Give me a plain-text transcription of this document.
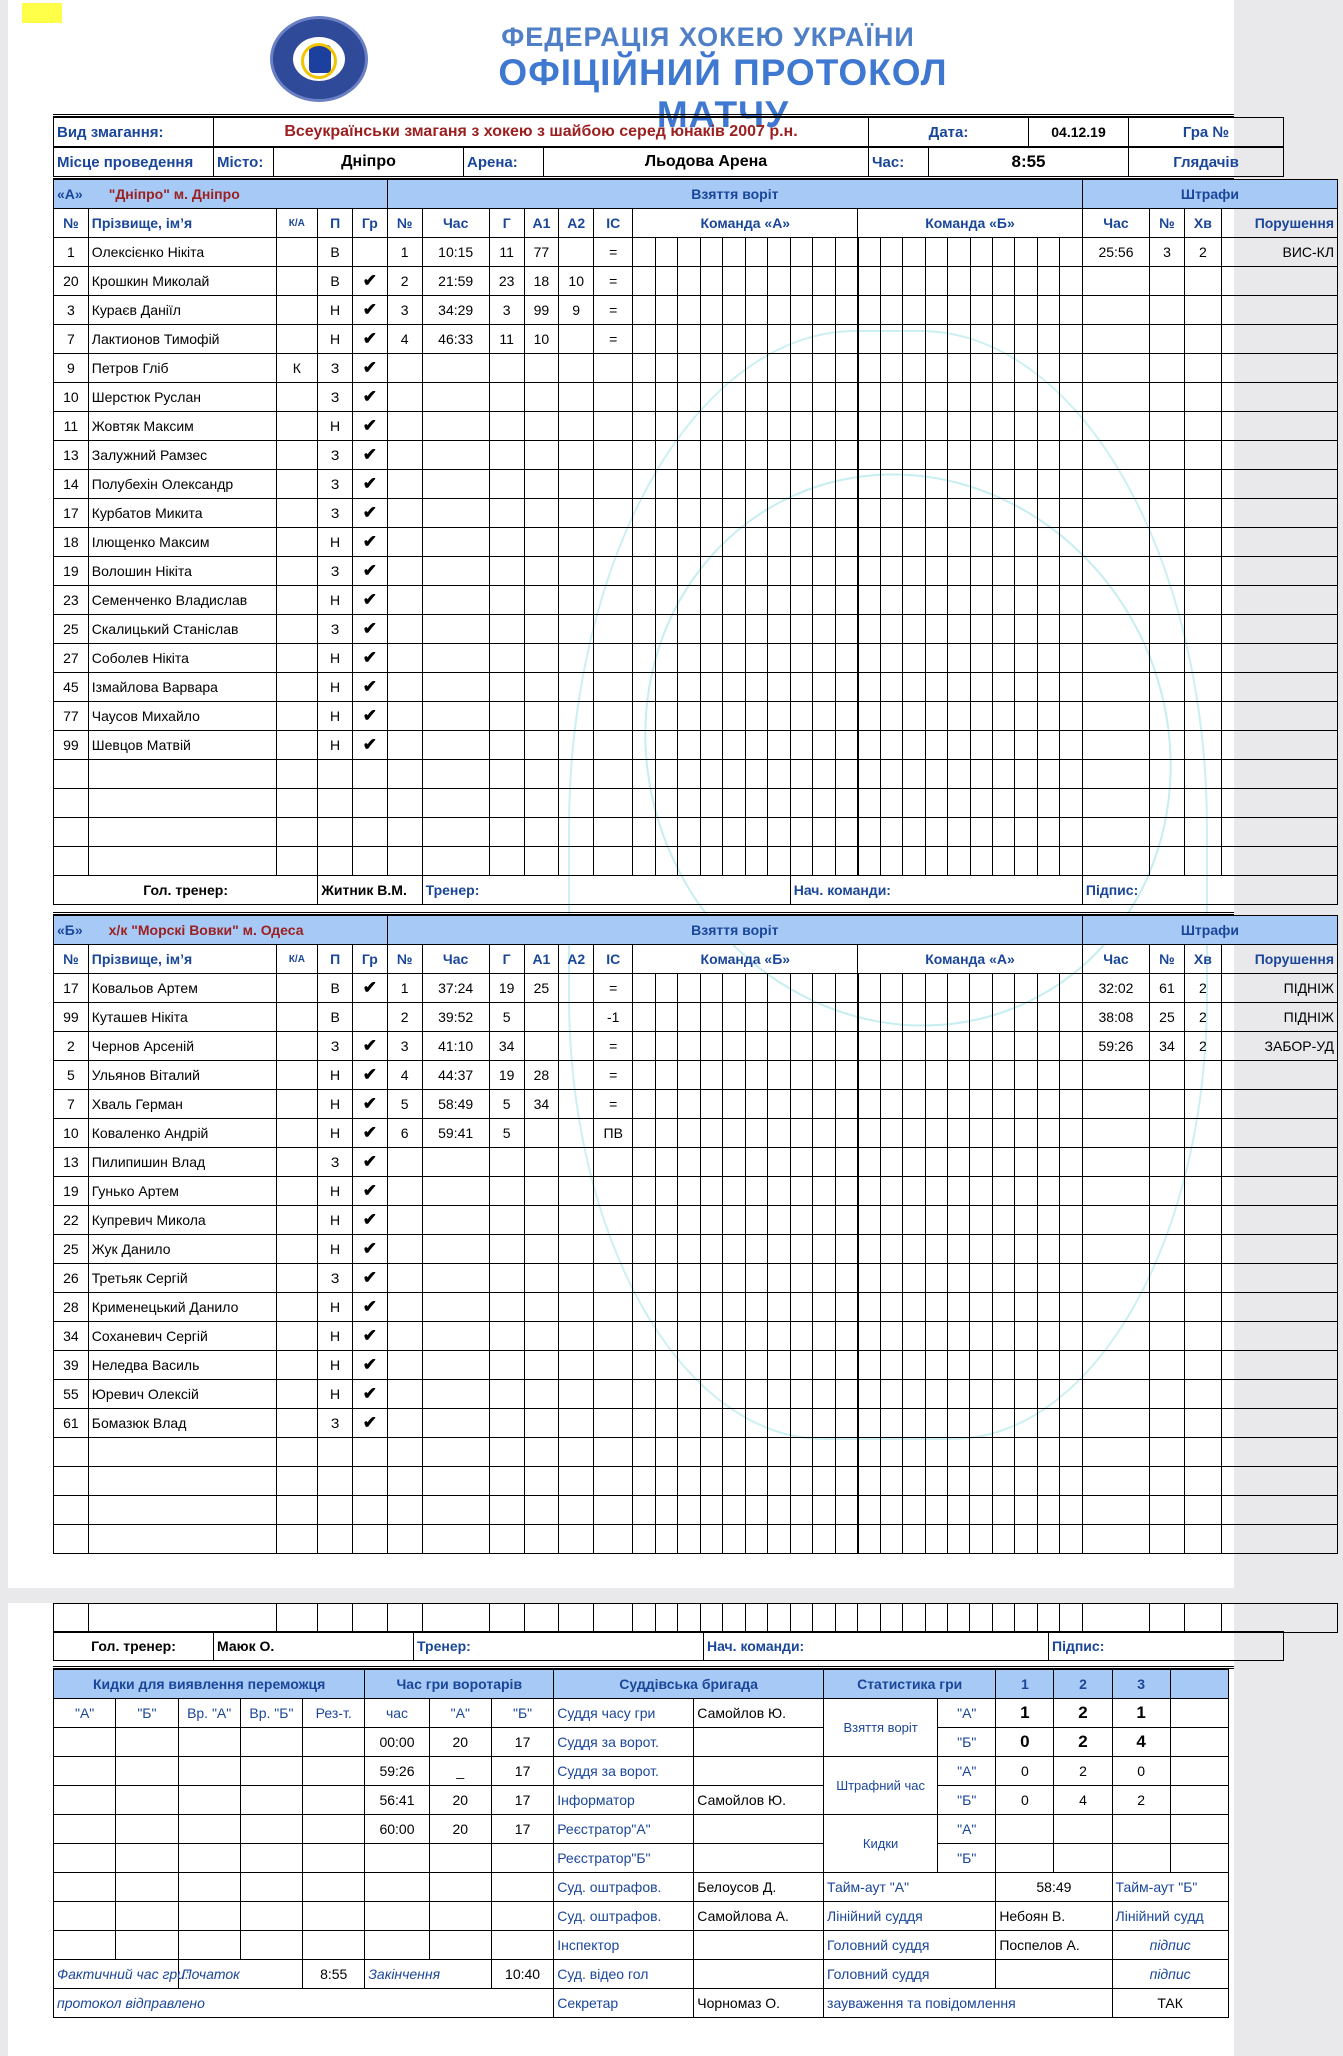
ФЕДЕРАЦІЯ ХОКЕЮ УКРАЇНИ
ОФІЦІЙНИЙ ПРОТОКОЛ МАТЧУ
Вид змагання:	Всеукраїнськи змаганя з хокею з шайбою серед юнаків 2007 р.н.	Дата:	04.12.19	Гра №
Місце проведення	Місто:	Дніпро	Арена:	Льодова Арена	Час:	8:55	Глядачів
«А» "Дніпро" м. Дніпро					Взяття воріт																										Штрафи			
№	Прізвище, ім’я	К/А	П	Гр	№	Час	Г	А1	А2	ІС	Команда «А»										Команда «Б»										Час	№	Хв	Порушення
1	Олексієнко Нікіта		В		1	10:15	11	77		=																					25:56	3	2	ВИС-КЛ
20	Крошкин Миколай		В	✔	2	21:59	23	18	10	=																								
3	Кураєв Даніїл		Н	✔	3	34:29	3	99	9	=																								
7	Лактионов Тимофій		Н	✔	4	46:33	11	10		=																								
9	Петров Гліб	К	З	✔																														
10	Шерстюк Руслан		З	✔																														
11	Жовтяк Максим		Н	✔																														
13	Залужний Рамзес		З	✔																														
14	Полубехін Олександр		З	✔																														
17	Курбатов Микита		З	✔																														
18	Ілющенко Максим		Н	✔																														
19	Волошин Нікіта		З	✔																														
23	Семенченко Владислав		Н	✔																														
25	Скалицький Станіслав		З	✔																														
27	Соболев Нікіта		Н	✔																														
45	Ізмайлова Варвара		Н	✔																														
77	Чаусов Михайло		Н	✔																														
99	Шевцов Матвій		Н	✔																														

Гол. тренер:			Житник В.М.			Тренер:												Нач. команди:													Підпис:			
«Б» х/к "Морскі Вовки" м. Одеса					Взяття воріт																										Штрафи			
№	Прізвище, ім’я	К/А	П	Гр	№	Час	Г	А1	А2	ІС	Команда «Б»										Команда «А»										Час	№	Хв	Порушення
17	Ковальов Артем		В	✔	1	37:24	19	25		=																					32:02	61	2	ПІДНІЖ
99	Куташев Нікіта		В		2	39:52	5			-1																					38:08	25	2	ПІДНІЖ
2	Чернов Арсеній		З	✔	3	41:10	34			=																					59:26	34	2	ЗАБОР-УД
5	Ульянов Віталий		Н	✔	4	44:37	19	28		=																								
7	Хваль Герман		Н	✔	5	58:49	5	34		=																								
10	Коваленко Андрій		Н	✔	6	59:41	5			ПВ																								
13	Пилипишин Влад		З	✔																														
19	Гунько Артем		Н	✔																														
22	Купревич Микола		Н	✔																														
25	Жук Данило		Н	✔																														
26	Третьяк Сергій		З	✔																														
28	Крименецький Данило		Н	✔																														
34	Соханевич Сергій		Н	✔																														
39	Неледва Василь		Н	✔																														
55	Юревич Олексій		Н	✔																														
61	Бомазюк Влад		З	✔																														

Гол. тренер:	Маюк О.	Тренер:	Нач. команди:	Підпис:
Кидки для виявлення переможця					Час гри воротарів			Суддівська бригада		Статистика гри		1	2	3	
"А"	"Б"	Вр. "А"	Вр. "Б"	Рез-т.	час	"А"	"Б"	Суддя часу гри	Самойлов Ю.	Взяття воріт	"А"	1	2	1	
					00:00	20	17	Суддя за ворот.			"Б"	0	2	4	
					59:26	_	17	Суддя за ворот.		Штрафний час	"А"	0	2	0	
					56:41	20	17	Інформатор	Самойлов Ю.		"Б"	0	4	2	
					60:00	20	17	Реєстратор"А"		Кидки	"А"				
								Реєстратор"Б"			"Б"				
								Суд. оштрафов.	Белоусов Д.	Тайм-аут "А"		58:49		Тайм-аут "Б"	
								Суд. оштрафов.	Самойлова А.	Лінійний суддя		Небоян В.		Лінійний судд	
								Інспектор		Головний суддя		Поспелов А.		підпис	
Фактичний час гри:		Початок		8:55	Закінчення		10:40	Суд. відео гол		Головний суддя				підпис	
протокол відправлено								Секретар	Чорномаз О.	зауваження та повідомлення				ТАК	
